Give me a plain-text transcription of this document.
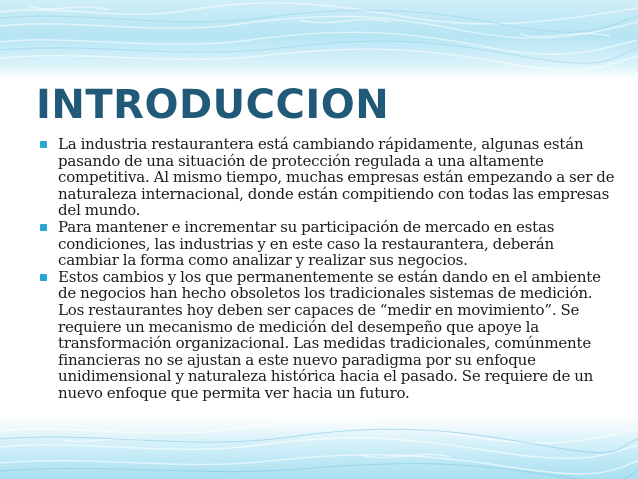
INTRODUCCION
La industria restaurantera está cambiando rápidamente, algunas están pasando de una situación de protección regulada a una altamente competitiva. Al mismo tiempo, muchas empresas están empezando a ser de naturaleza internacional, donde están compitiendo con todas las empresas del mundo.
Para mantener e incrementar su participación de mercado en estas condiciones, las industrias y en este caso la restaurantera, deberán cambiar la forma como analizar y realizar sus negocios.
Estos cambios y los que permanentemente se están dando en el ambiente de negocios han hecho obsoletos los tradicionales sistemas de medición. Los restaurantes hoy deben ser capaces de “medir en movimiento”. Se requiere un mecanismo de medición del desempeño que apoye la transformación organizacional. Las medidas tradicionales, comúnmente financieras no se ajustan a este nuevo paradigma por su enfoque unidimensional y naturaleza histórica hacia el pasado. Se requiere de un nuevo enfoque que permita ver hacia un futuro.
